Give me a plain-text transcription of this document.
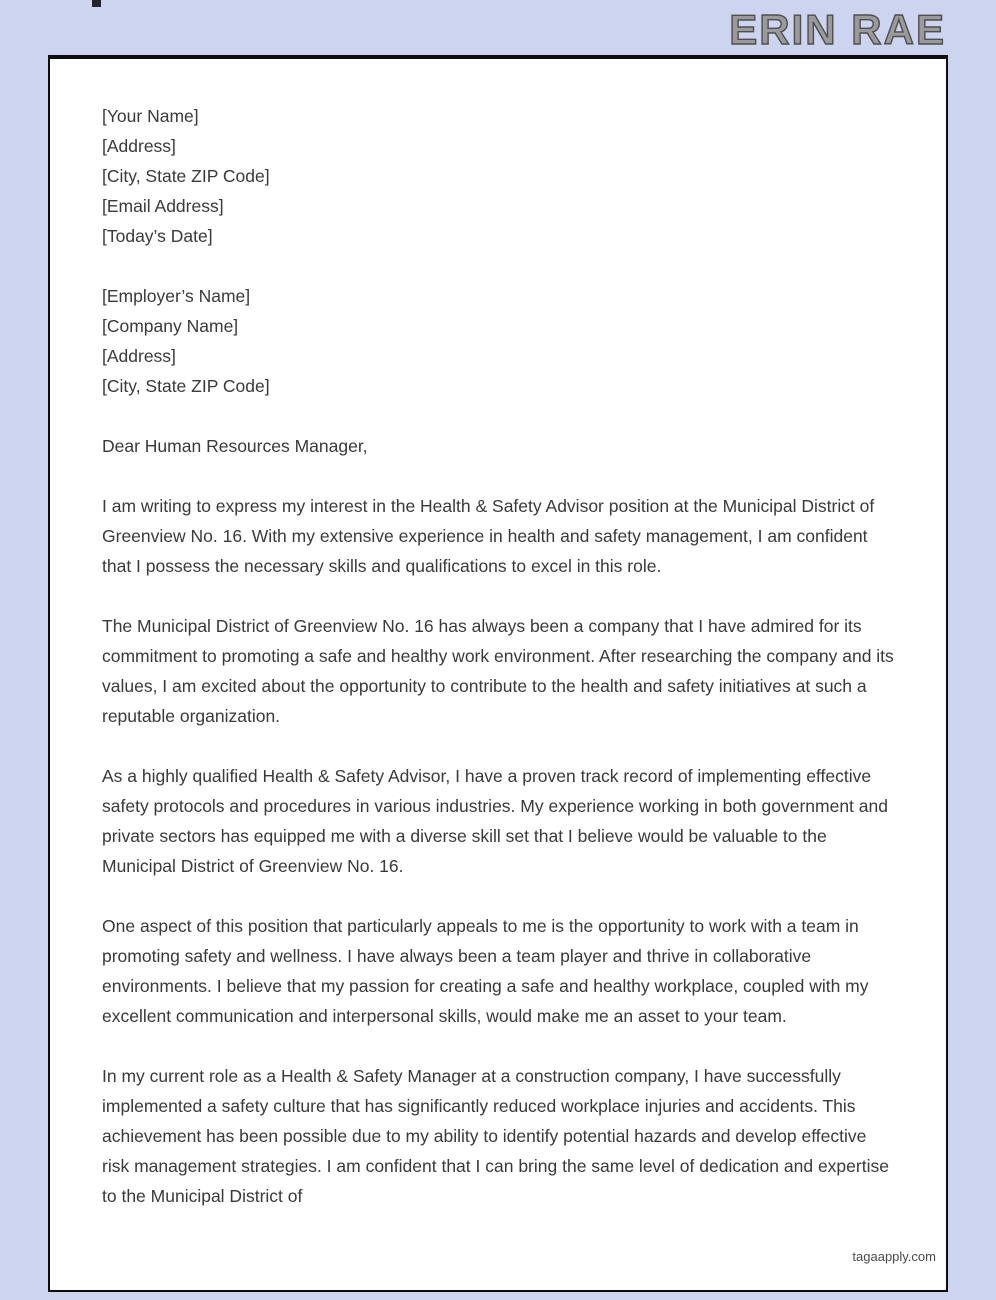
ERIN RAE

[Your Name]
[Address]
[City, State ZIP Code]
[Email Address]
[Today’s Date]

[Employer’s Name]
[Company Name]
[Address]
[City, State ZIP Code]

Dear Human Resources Manager,

I am writing to express my interest in the Health & Safety Advisor position at the Municipal District of Greenview No. 16. With my extensive experience in health and safety management, I am confident that I possess the necessary skills and qualifications to excel in this role.

The Municipal District of Greenview No. 16 has always been a company that I have admired for its commitment to promoting a safe and healthy work environment. After researching the company and its values, I am excited about the opportunity to contribute to the health and safety initiatives at such a reputable organization.

As a highly qualified Health & Safety Advisor, I have a proven track record of implementing effective safety protocols and procedures in various industries. My experience working in both government and private sectors has equipped me with a diverse skill set that I believe would be valuable to the Municipal District of Greenview No. 16.

One aspect of this position that particularly appeals to me is the opportunity to work with a team in promoting safety and wellness. I have always been a team player and thrive in collaborative environments. I believe that my passion for creating a safe and healthy workplace, coupled with my excellent communication and interpersonal skills, would make me an asset to your team.

In my current role as a Health & Safety Manager at a construction company, I have successfully implemented a safety culture that has significantly reduced workplace injuries and accidents. This achievement has been possible due to my ability to identify potential hazards and develop effective risk management strategies. I am confident that I can bring the same level of dedication and expertise to the Municipal District of

tagaapply.com
